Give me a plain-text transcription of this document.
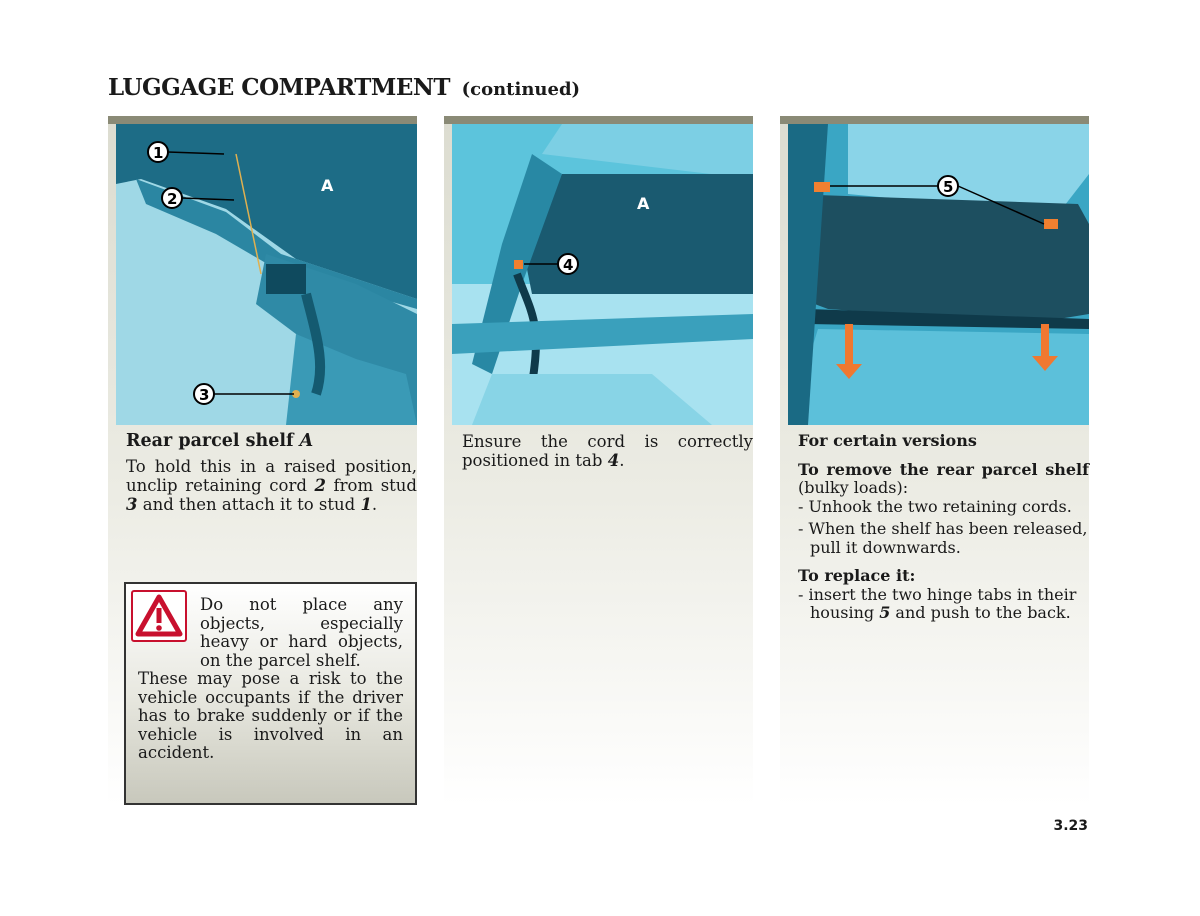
LUGGAGE COMPARTMENT (continued)
1
2
3
A

Rear parcel shelf A

To hold this in a raised position, unclip retaining cord 2 from stud 3 and then attach it to stud 1.

Do not place any objects, especially heavy or hard objects, on the parcel shelf.
These may pose a risk to the vehicle occupants if the driver has to brake suddenly or if the vehicle is involved in an accident.
4
A

Ensure the cord is correctly positioned in tab 4.

5

For certain versions

To remove the rear parcel shelf (bulky loads):

- Unhook the two retaining cords.
- When the shelf has been released, pull it downwards.

To replace it:

- insert the two hinge tabs in their housing 5 and push to the back.
3.23
